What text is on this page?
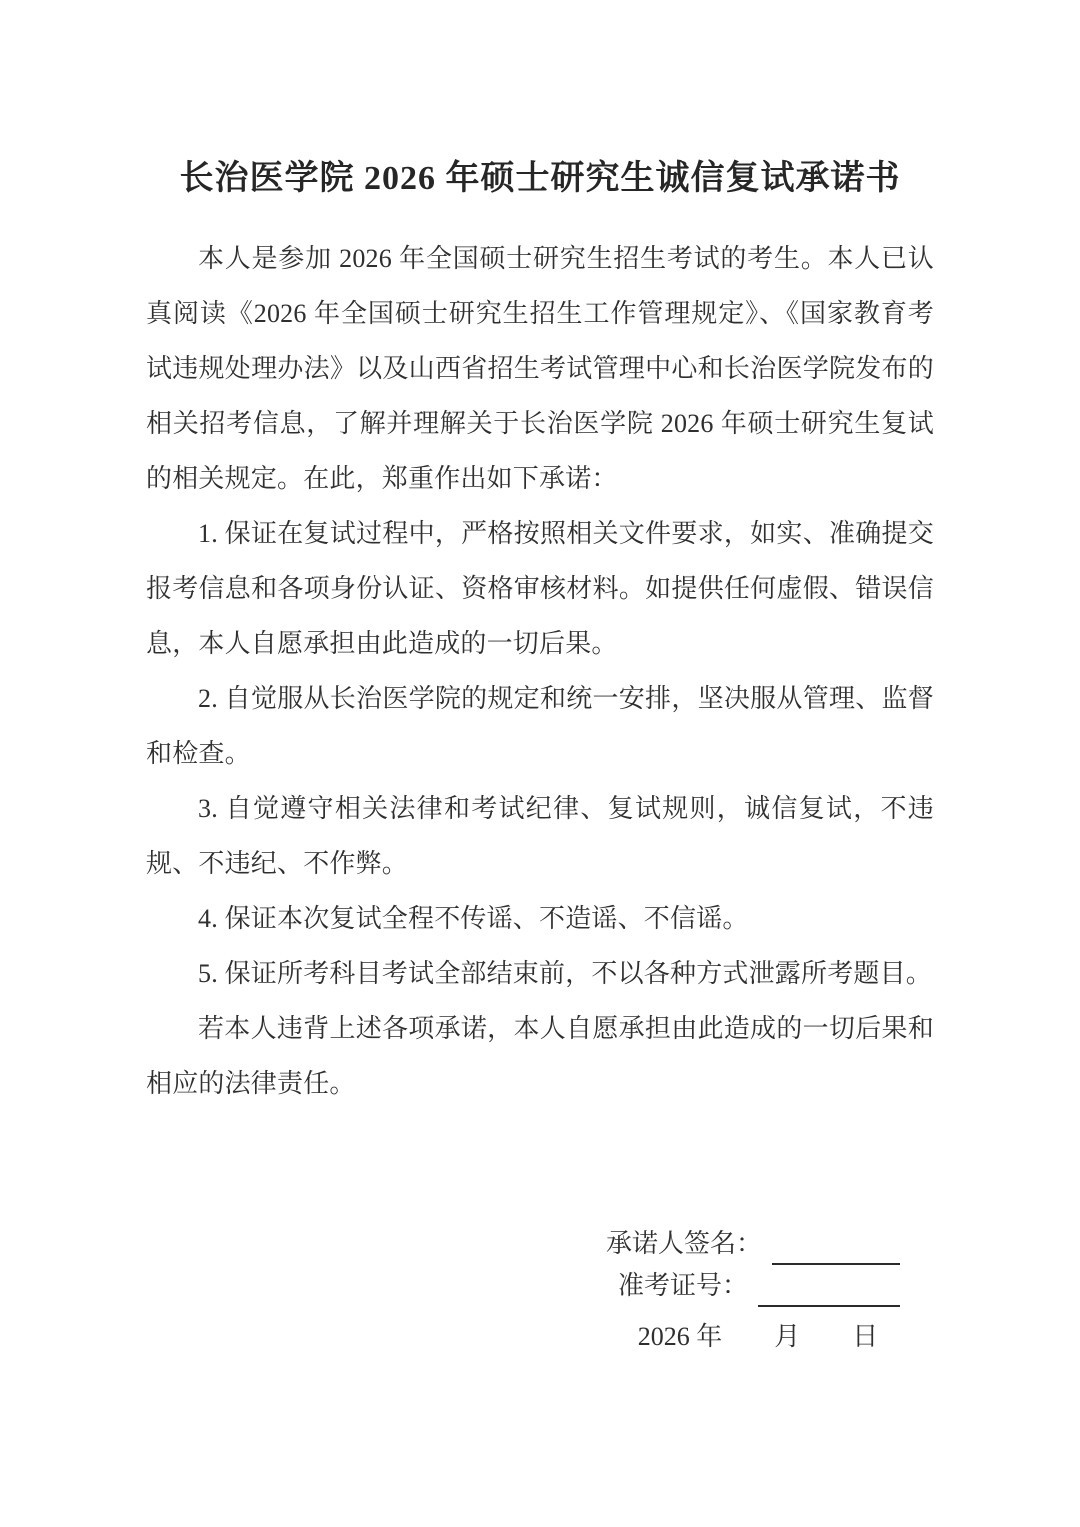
长治医学院 2026 年硕士研究生诚信复试承诺书

本人是参加 2026 年全国硕士研究生招生考试的考生。本人已认真阅读《2026 年全国硕士研究生招生工作管理规定》、《国家教育考试违规处理办法》以及山西省招生考试管理中心和长治医学院发布的相关招考信息，了解并理解关于长治医学院 2026 年硕士研究生复试的相关规定。在此，郑重作出如下承诺：

1. 保证在复试过程中，严格按照相关文件要求，如实、准确提交报考信息和各项身份认证、资格审核材料。如提供任何虚假、错误信息，本人自愿承担由此造成的一切后果。

2. 自觉服从长治医学院的规定和统一安排，坚决服从管理、监督和检查。

3. 自觉遵守相关法律和考试纪律、复试规则，诚信复试，不违规、不违纪、不作弊。

4. 保证本次复试全程不传谣、不造谣、不信谣。

5. 保证所考科目考试全部结束前，不以各种方式泄露所考题目。

若本人违背上述各项承诺，本人自愿承担由此造成的一切后果和相应的法律责任。

承诺人签名：
准考证号：
2026 年　　月　　日
